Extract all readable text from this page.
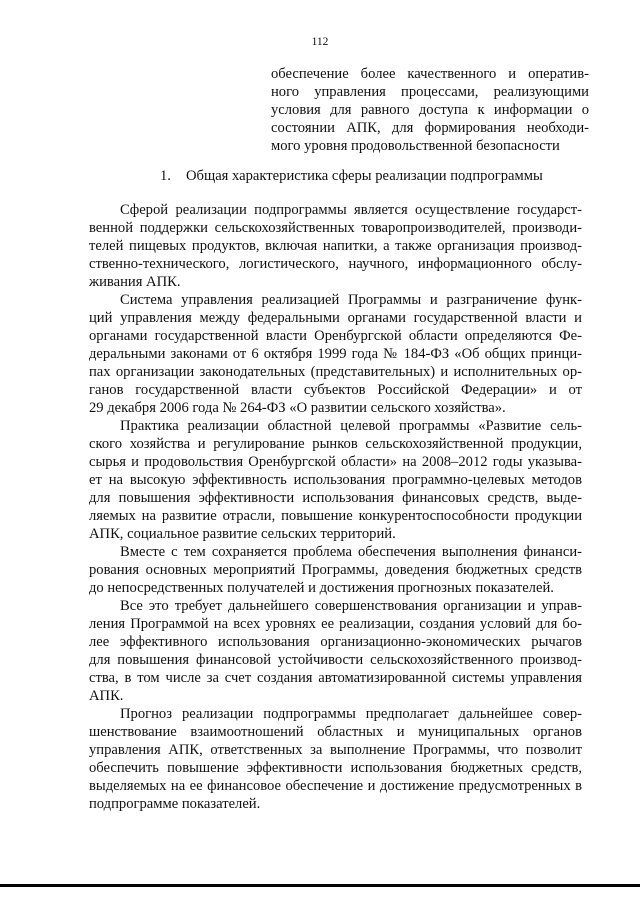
112

обеспечение более качественного и оператив-

ного управления процессами, реализующими

условия для равного доступа к информации о

состоянии АПК, для формирования необходи-

мого уровня продовольственной безопасности

1. Общая характеристика сферы реализации подпрограммы

Сферой реализации подпрограммы является осуществление государст-

венной поддержки сельскохозяйственных товаропроизводителей, производи-

телей пищевых продуктов, включая напитки, а также организация производ-

ственно-технического, логистического, научного, информационного обслу-

живания АПК.

Система управления реализацией Программы и разграничение функ-

ций управления между федеральными органами государственной власти и

органами государственной власти Оренбургской области определяются Фе-

деральными законами от 6 октября 1999 года № 184-ФЗ «Об общих принци-

пах организации законодательных (представительных) и исполнительных ор-

ганов государственной власти субъектов Российской Федерации» и от

29 декабря 2006 года № 264-ФЗ «О развитии сельского хозяйства».

Практика реализации областной целевой программы «Развитие сель-

ского хозяйства и регулирование рынков сельскохозяйственной продукции,

сырья и продовольствия Оренбургской области» на 2008–2012 годы указыва-

ет на высокую эффективность использования программно-целевых методов

для повышения эффективности использования финансовых средств, выде-

ляемых на развитие отрасли, повышение конкурентоспособности продукции

АПК, социальное развитие сельских территорий.

Вместе с тем сохраняется проблема обеспечения выполнения финанси-

рования основных мероприятий Программы, доведения бюджетных средств

до непосредственных получателей и достижения прогнозных показателей.

Все это требует дальнейшего совершенствования организации и управ-

ления Программой на всех уровнях ее реализации, создания условий для бо-

лее эффективного использования организационно-экономических рычагов

для повышения финансовой устойчивости сельскохозяйственного производ-

ства, в том числе за счет создания автоматизированной системы управления

АПК.

Прогноз реализации подпрограммы предполагает дальнейшее совер-

шенствование взаимоотношений областных и муниципальных органов

управления АПК, ответственных за выполнение Программы, что позволит

обеспечить повышение эффективности использования бюджетных средств,

выделяемых на ее финансовое обеспечение и достижение предусмотренных в

подпрограмме показателей.
